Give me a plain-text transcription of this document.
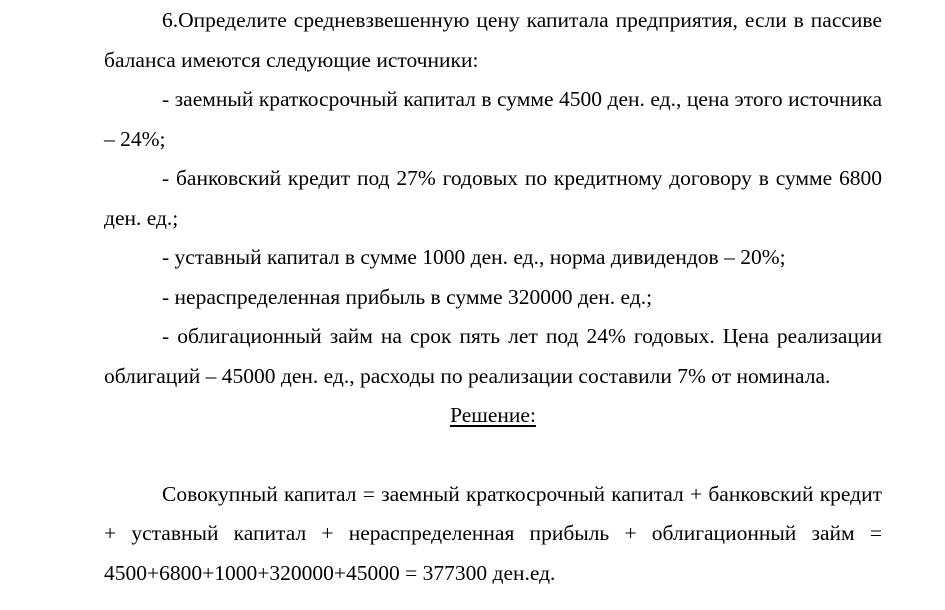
6.Определите средневзвешенную цену капитала предприятия, если в пассиве баланса имеются следующие источники:

- заемный краткосрочный капитал в сумме 4500 ден. ед., цена этого источника – 24%;

- банковский кредит под 27% годовых по кредитному договору в сумме 6800 ден. ед.;

- уставный капитал в сумме 1000 ден. ед., норма дивидендов – 20%;

- нераспределенная прибыль в сумме 320000 ден. ед.;

- облигационный займ на срок пять лет под 24% годовых. Цена реализации облигаций – 45000 ден. ед., расходы по реализации составили 7% от номинала.

Решение:

Совокупный капитал = заемный краткосрочный капитал + банковский кредит + уставный капитал + нераспределенная прибыль + облигационный займ = 4500+6800+1000+320000+45000 = 377300 ден.ед.
